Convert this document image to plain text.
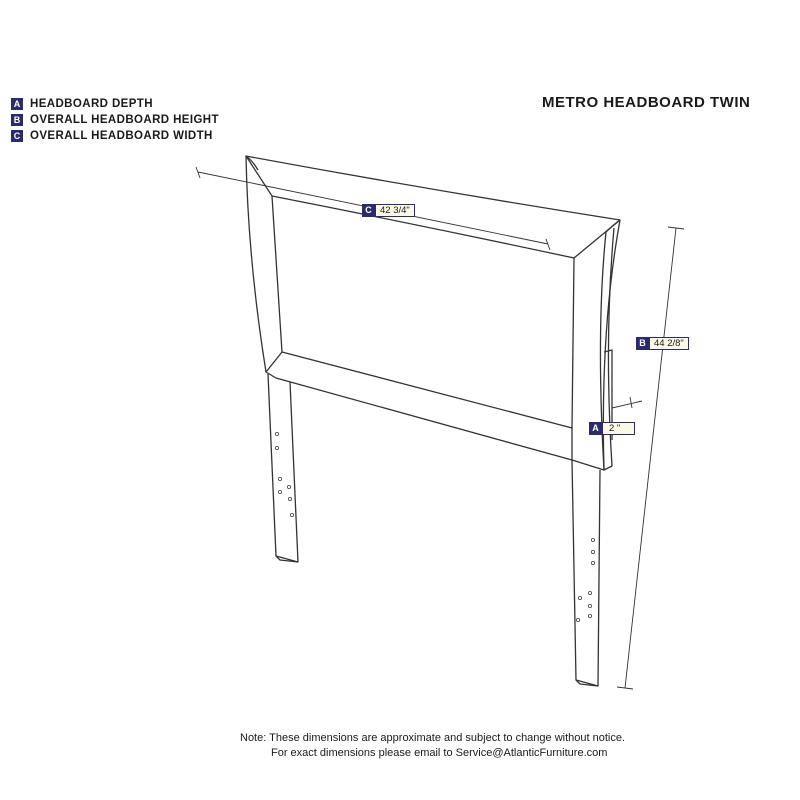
METRO HEADBOARD TWIN
A HEADBOARD DEPTH
B OVERALL HEADBOARD HEIGHT
C OVERALL HEADBOARD WIDTH
C 42 3/4"
B 44 2/8"
A	2 "
Note: These dimensions are approximate and subject to change without notice.
For exact dimensions please email to Service@AtlanticFurniture.com
